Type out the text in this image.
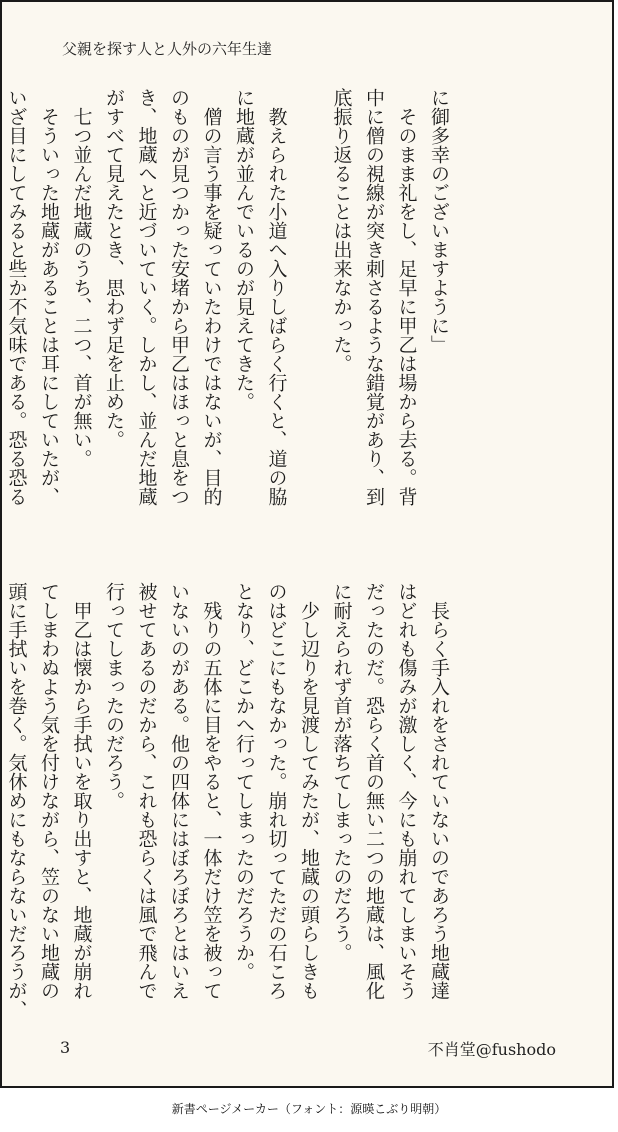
父親を探す人と人外の六年生達

に御多幸のございますように」
　そのまま礼をし、足早に甲乙は場から去る。背
中に僧の視線が突き刺さるような錯覚があり、到
底振り返ることは出来なかった。

　教えられた小道へ入りしばらく行くと、道の脇
に地蔵が並んでいるのが見えてきた。
　僧の言う事を疑っていたわけではないが、目的
のものが見つかった安堵から甲乙はほっと息をつ
き、地蔵へと近づいていく。しかし、並んだ地蔵
がすべて見えたとき、思わず足を止めた。
　七つ並んだ地蔵のうち、二つ、首が無い。
　そういった地蔵があることは耳にしていたが、
いざ目にしてみると些か不気味である。恐る恐る

　長らく手入れをされていないのであろう地蔵達
はどれも傷みが激しく、今にも崩れてしまいそう
だったのだ。恐らく首の無い二つの地蔵は、風化
に耐えられず首が落ちてしまったのだろう。
　少し辺りを見渡してみたが、地蔵の頭らしきも
のはどこにもなかった。崩れ切ってただの石ころ
となり、どこかへ行ってしまったのだろうか。
　残りの五体に目をやると、一体だけ笠を被って
いないのがある。他の四体にはぼろぼろとはいえ
被せてあるのだから、これも恐らくは風で飛んで
行ってしまったのだろう。
　甲乙は懐から手拭いを取り出すと、地蔵が崩れ
てしまわぬよう気を付けながら、笠のない地蔵の
頭に手拭いを巻く。気休めにもならないだろうが、

3	不肖堂@fushodo
新書ページメーカー（フォント：源暎こぶり明朝）
